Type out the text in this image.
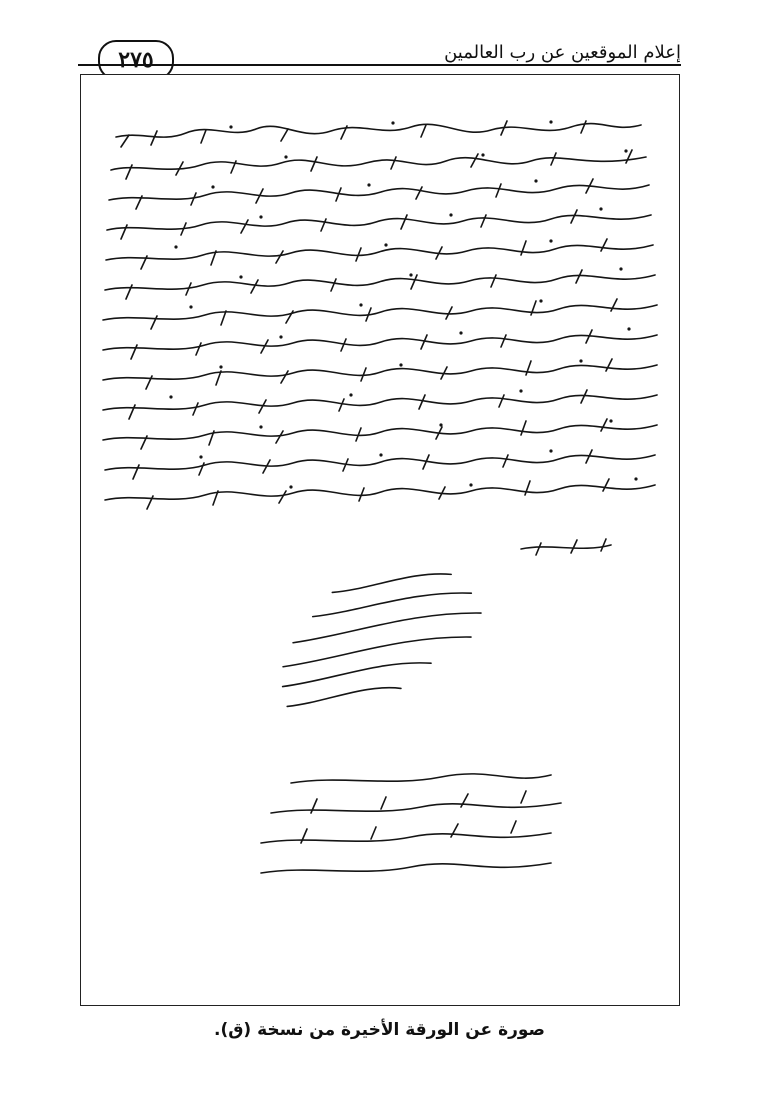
٢٧٥	إعلام الموقعين عن رب العالمين
صورة عن الورقة الأخيرة من نسخة (ق).
